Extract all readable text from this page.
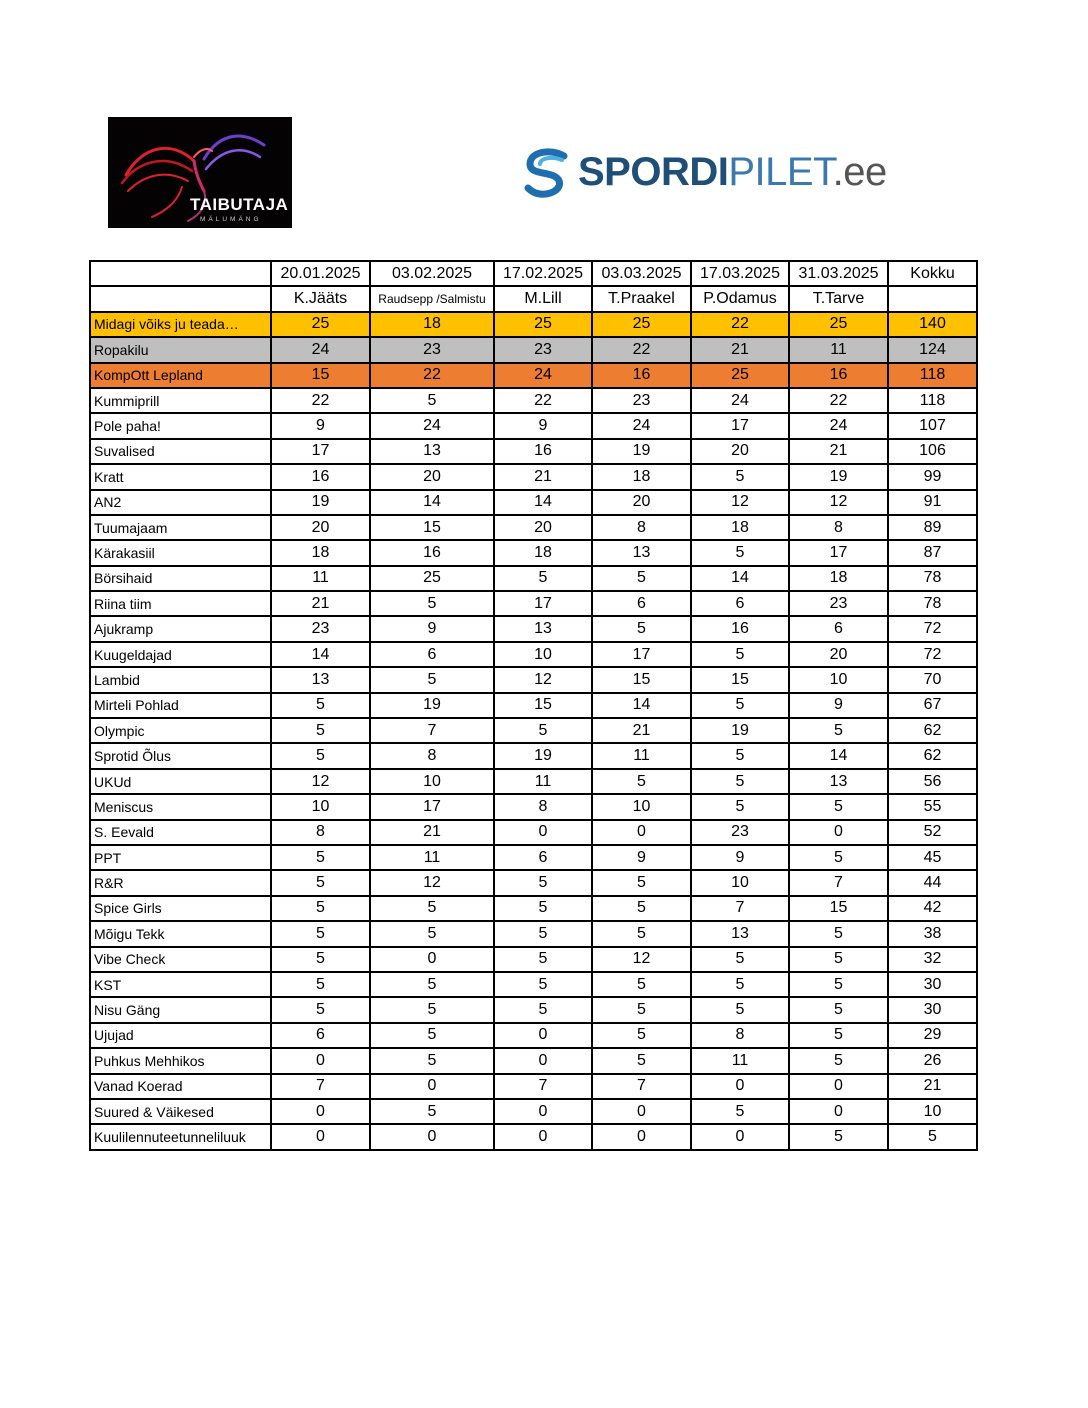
TAIBUTAJA
MÄLUMÄNG
SPORDIPILET.ee
	20.01.2025	03.02.2025	17.02.2025	03.03.2025	17.03.2025	31.03.2025	Kokku
	K.Jääts	Raudsepp /Salmistu	M.Lill	T.Praakel	P.Odamus	T.Tarve	
Midagi võiks ju teada…	25	18	25	25	22	25	140
Ropakilu	24	23	23	22	21	11	124
KompOtt Lepland	15	22	24	16	25	16	118
Kummiprill	22	5	22	23	24	22	118
Pole paha!	9	24	9	24	17	24	107
Suvalised	17	13	16	19	20	21	106
Kratt	16	20	21	18	5	19	99
AN2	19	14	14	20	12	12	91
Tuumajaam	20	15	20	8	18	8	89
Kärakasiil	18	16	18	13	5	17	87
Börsihaid	11	25	5	5	14	18	78
Riina tiim	21	5	17	6	6	23	78
Ajukramp	23	9	13	5	16	6	72
Kuugeldajad	14	6	10	17	5	20	72
Lambid	13	5	12	15	15	10	70
Mirteli Pohlad	5	19	15	14	5	9	67
Olympic	5	7	5	21	19	5	62
Sprotid Õlus	5	8	19	11	5	14	62
UKUd	12	10	11	5	5	13	56
Meniscus	10	17	8	10	5	5	55
S. Eevald	8	21	0	0	23	0	52
PPT	5	11	6	9	9	5	45
R&R	5	12	5	5	10	7	44
Spice Girls	5	5	5	5	7	15	42
Mõigu Tekk	5	5	5	5	13	5	38
Vibe Check	5	0	5	12	5	5	32
KST	5	5	5	5	5	5	30
Nisu Gäng	5	5	5	5	5	5	30
Ujujad	6	5	0	5	8	5	29
Puhkus Mehhikos	0	5	0	5	11	5	26
Vanad Koerad	7	0	7	7	0	0	21
Suured & Väikesed	0	5	0	0	5	0	10
Kuulilennuteetunneliluuk	0	0	0	0	0	5	5
